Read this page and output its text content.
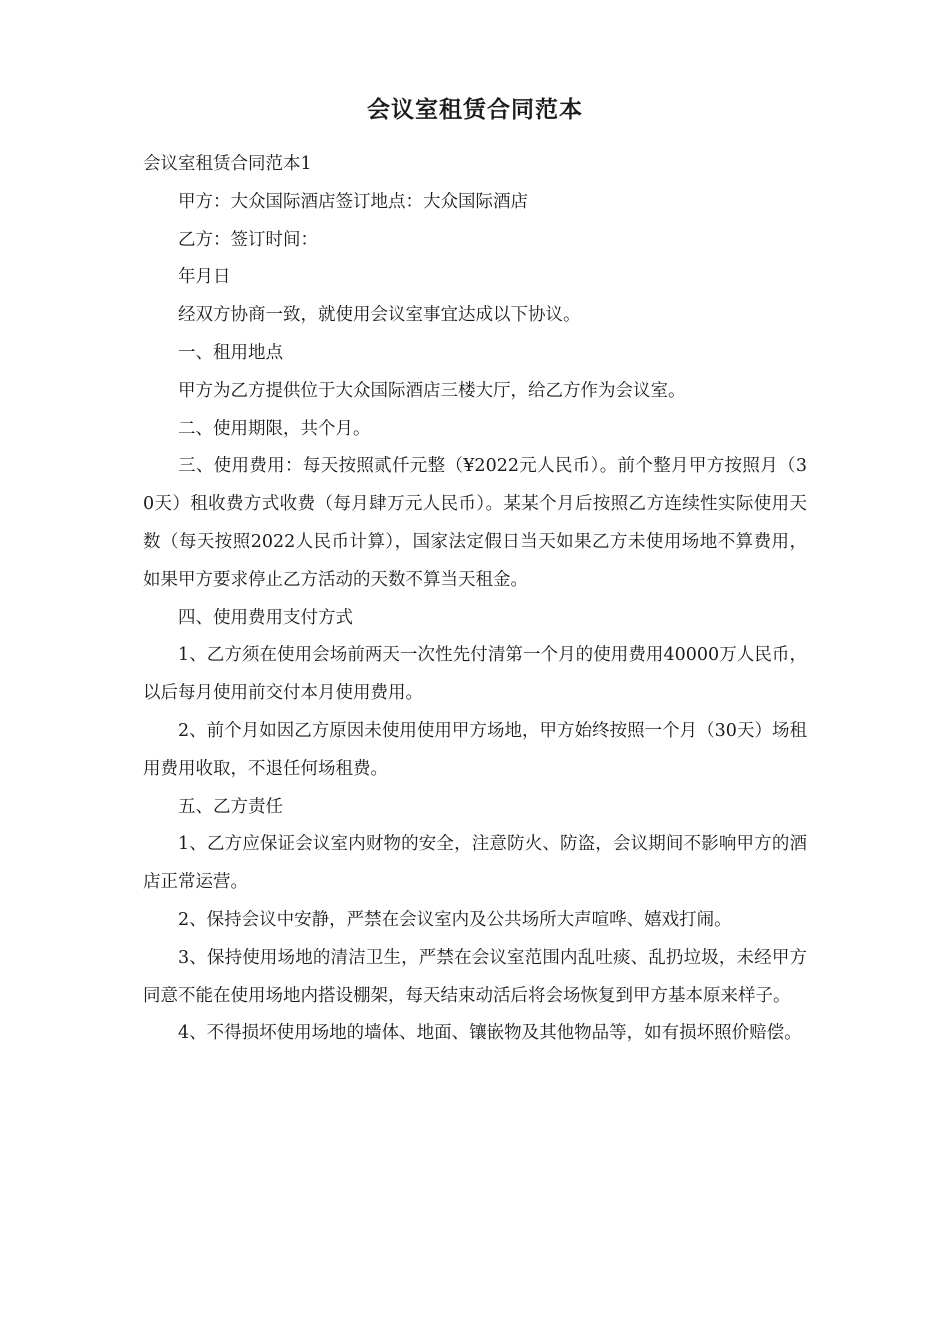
会议室租赁合同范本

会议室租赁合同范本1

甲方：大众国际酒店签订地点：大众国际酒店

乙方：签订时间：

年月日

经双方协商一致，就使用会议室事宜达成以下协议。

一、租用地点

甲方为乙方提供位于大众国际酒店三楼大厅，给乙方作为会议室。

二、使用期限，共个月。

三、使用费用：每天按照贰仟元整（¥2022元人民币）。前个整月甲方按照月（30天）租收费方式收费（每月肆万元人民币）。某某个月后按照乙方连续性实际使用天数（每天按照2022人民币计算），国家法定假日当天如果乙方未使用场地不算费用，如果甲方要求停止乙方活动的天数不算当天租金。

四、使用费用支付方式

1、乙方须在使用会场前两天一次性先付清第一个月的使用费用40000万人民币，以后每月使用前交付本月使用费用。

2、前个月如因乙方原因未使用使用甲方场地，甲方始终按照一个月（30天）场租用费用收取，不退任何场租费。

五、乙方责任

1、乙方应保证会议室内财物的安全，注意防火、防盗，会议期间不影响甲方的酒店正常运营。

2、保持会议中安静，严禁在会议室内及公共场所大声喧哗、嬉戏打闹。

3、保持使用场地的清洁卫生，严禁在会议室范围内乱吐痰、乱扔垃圾，未经甲方同意不能在使用场地内搭设棚架，每天结束动活后将会场恢复到甲方基本原来样子。

4、不得损坏使用场地的墙体、地面、镶嵌物及其他物品等，如有损坏照价赔偿。
